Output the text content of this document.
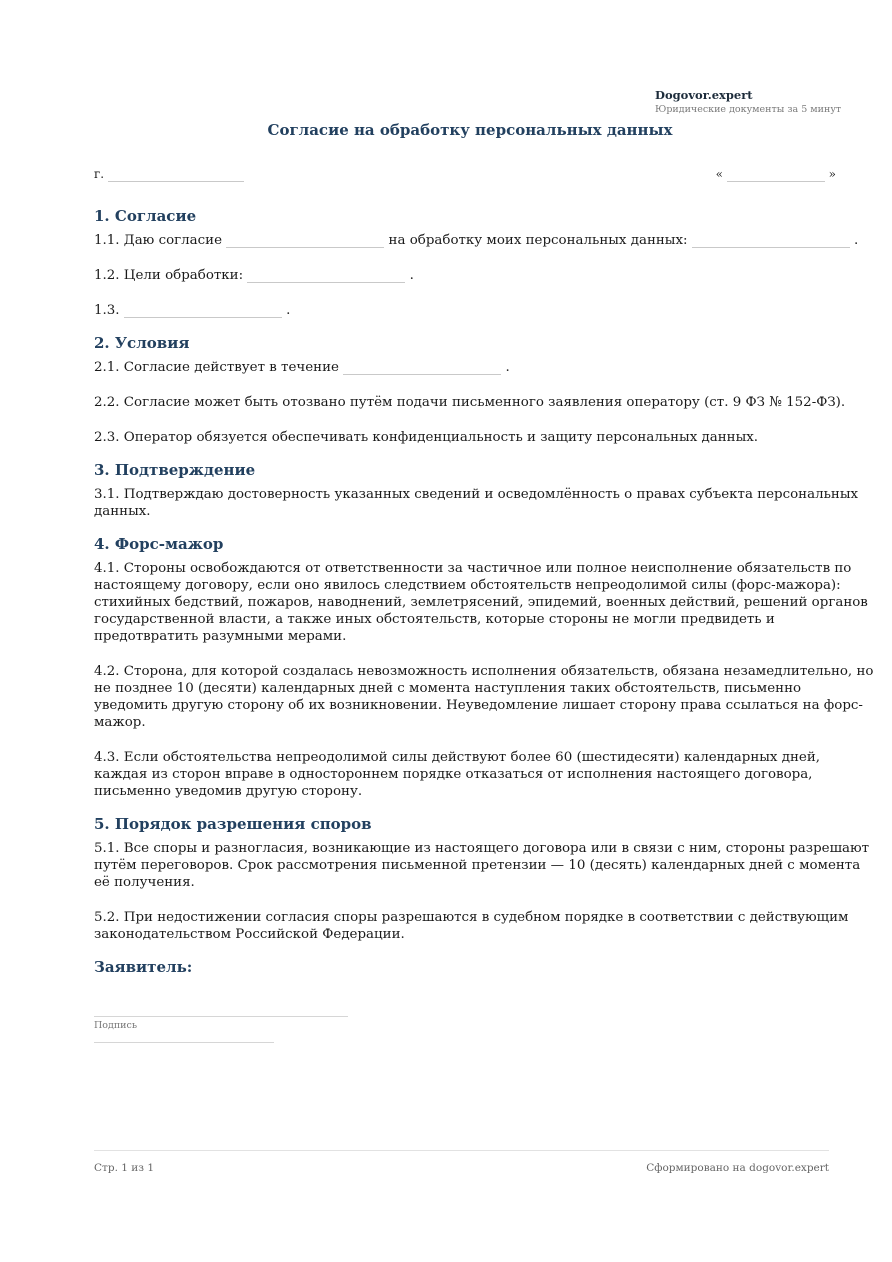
Dogovor.expert
Юридические документы за 5 минут
Согласие на обработку персональных данных
г.	«	»
1. Согласие

1.1. Даю согласие	на обработку моих персональных данных:	.

1.2. Цели обработки:	.

1.3.	.

2. Условия

2.1. Согласие действует в течение	.

2.2. Согласие может быть отозвано путём подачи письменного заявления оператору (ст. 9 ФЗ № 152-ФЗ).

2.3. Оператор обязуется обеспечивать конфиденциальность и защиту персональных данных.

3. Подтверждение

3.1. Подтверждаю достоверность указанных сведений и осведомлённость о правах субъекта персональных данных.

4. Форс-мажор

4.1. Стороны освобождаются от ответственности за частичное или полное неисполнение обязательств по настоящему договору, если оно явилось следствием обстоятельств непреодолимой силы (форс-мажора): стихийных бедствий, пожаров, наводнений, землетрясений, эпидемий, военных действий, решений органов государственной власти, а также иных обстоятельств, которые стороны не могли предвидеть и предотвратить разумными мерами.

4.2. Сторона, для которой создалась невозможность исполнения обязательств, обязана незамедлительно, но не позднее 10 (десяти) календарных дней с момента наступления таких обстоятельств, письменно уведомить другую сторону об их возникновении. Неуведомление лишает сторону права ссылаться на форс-мажор.

4.3. Если обстоятельства непреодолимой силы действуют более 60 (шестидесяти) календарных дней, каждая из сторон вправе в одностороннем порядке отказаться от исполнения настоящего договора, письменно уведомив другую сторону.

5. Порядок разрешения споров

5.1. Все споры и разногласия, возникающие из настоящего договора или в связи с ним, стороны разрешают путём переговоров. Срок рассмотрения письменной претензии — 10 (десять) календарных дней с момента её получения.

5.2. При недостижении согласия споры разрешаются в судебном порядке в соответствии с действующим законодательством Российской Федерации.

Заявитель:
Подпись
Стр. 1 из 1	Сформировано на dogovor.expert
